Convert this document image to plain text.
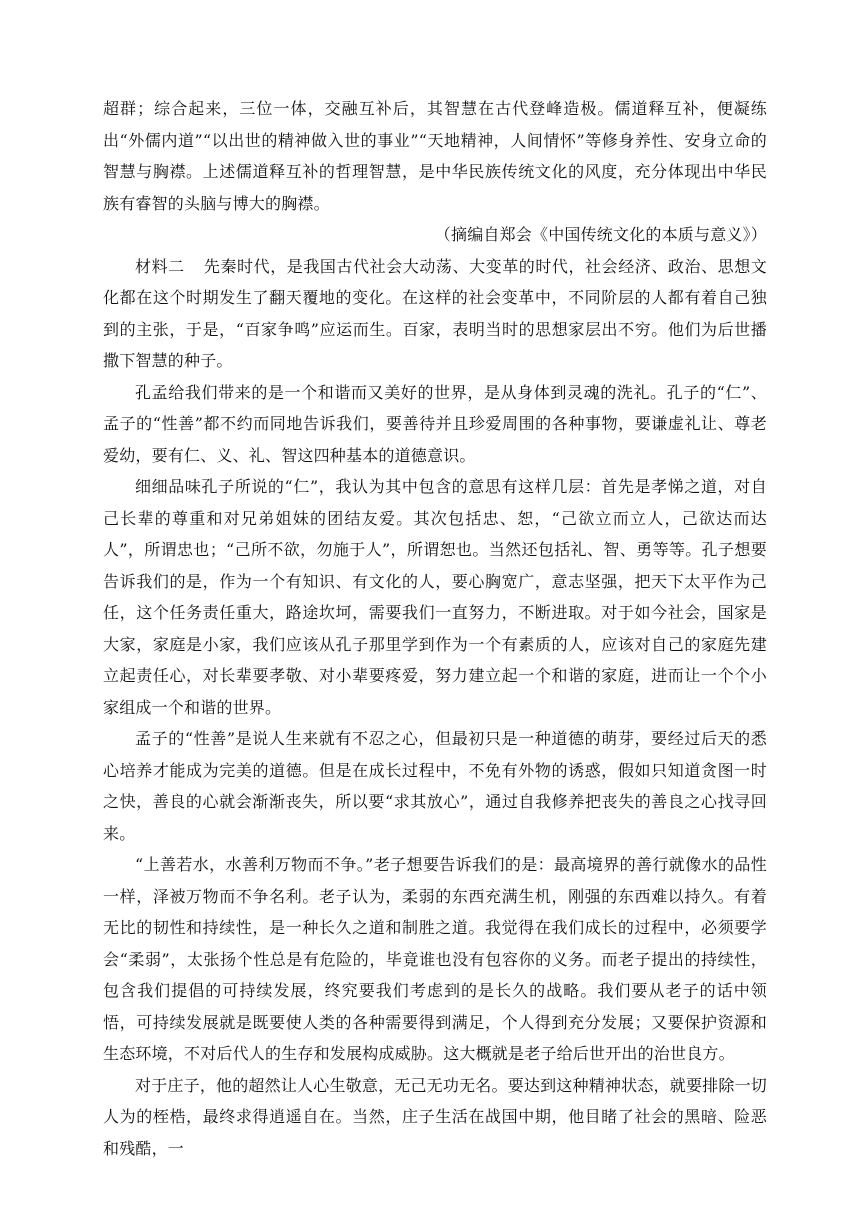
超群；综合起来，三位一体，交融互补后，其智慧在古代登峰造极。儒道释互补，便凝练出“外儒内道”“以出世的精神做入世的事业”“天地精神，人间情怀”等修身养性、安身立命的智慧与胸襟。上述儒道释互补的哲理智慧，是中华民族传统文化的风度，充分体现出中华民族有睿智的头脑与博大的胸襟。

（摘编自郑会《中国传统文化的本质与意义》）

材料二 先秦时代，是我国古代社会大动荡、大变革的时代，社会经济、政治、思想文化都在这个时期发生了翻天覆地的变化。在这样的社会变革中，不同阶层的人都有着自己独到的主张，于是，“百家争鸣”应运而生。百家，表明当时的思想家层出不穷。他们为后世播撒下智慧的种子。

孔孟给我们带来的是一个和谐而又美好的世界，是从身体到灵魂的洗礼。孔子的“仁”、孟子的“性善”都不约而同地告诉我们，要善待并且珍爱周围的各种事物，要谦虚礼让、尊老爱幼，要有仁、义、礼、智这四种基本的道德意识。

细细品味孔子所说的“仁”，我认为其中包含的意思有这样几层：首先是孝悌之道，对自己长辈的尊重和对兄弟姐妹的团结友爱。其次包括忠、恕，“己欲立而立人，己欲达而达人”，所谓忠也；“己所不欲，勿施于人”，所谓恕也。当然还包括礼、智、勇等等。孔子想要告诉我们的是，作为一个有知识、有文化的人，要心胸宽广，意志坚强，把天下太平作为己任，这个任务责任重大，路途坎坷，需要我们一直努力，不断进取。对于如今社会，国家是大家，家庭是小家，我们应该从孔子那里学到作为一个有素质的人，应该对自己的家庭先建立起责任心，对长辈要孝敬、对小辈要疼爱，努力建立起一个和谐的家庭，进而让一个个小家组成一个和谐的世界。

孟子的“性善”是说人生来就有不忍之心，但最初只是一种道德的萌芽，要经过后天的悉心培养才能成为完美的道德。但是在成长过程中，不免有外物的诱惑，假如只知道贪图一时之快，善良的心就会渐渐丧失，所以要“求其放心”，通过自我修养把丧失的善良之心找寻回来。

“上善若水，水善利万物而不争。”老子想要告诉我们的是：最高境界的善行就像水的品性一样，泽被万物而不争名利。老子认为，柔弱的东西充满生机，刚强的东西难以持久。有着无比的韧性和持续性，是一种长久之道和制胜之道。我觉得在我们成长的过程中，必须要学会“柔弱”，太张扬个性总是有危险的，毕竟谁也没有包容你的义务。而老子提出的持续性，包含我们提倡的可持续发展，终究要我们考虑到的是长久的战略。我们要从老子的话中领悟，可持续发展就是既要使人类的各种需要得到满足，个人得到充分发展；又要保护资源和生态环境，不对后代人的生存和发展构成威胁。这大概就是老子给后世开出的治世良方。

对于庄子，他的超然让人心生敬意，无己无功无名。要达到这种精神状态，就要排除一切人为的桎梏，最终求得逍遥自在。当然，庄子生活在战国中期，他目睹了社会的黑暗、险恶和残酷，一
